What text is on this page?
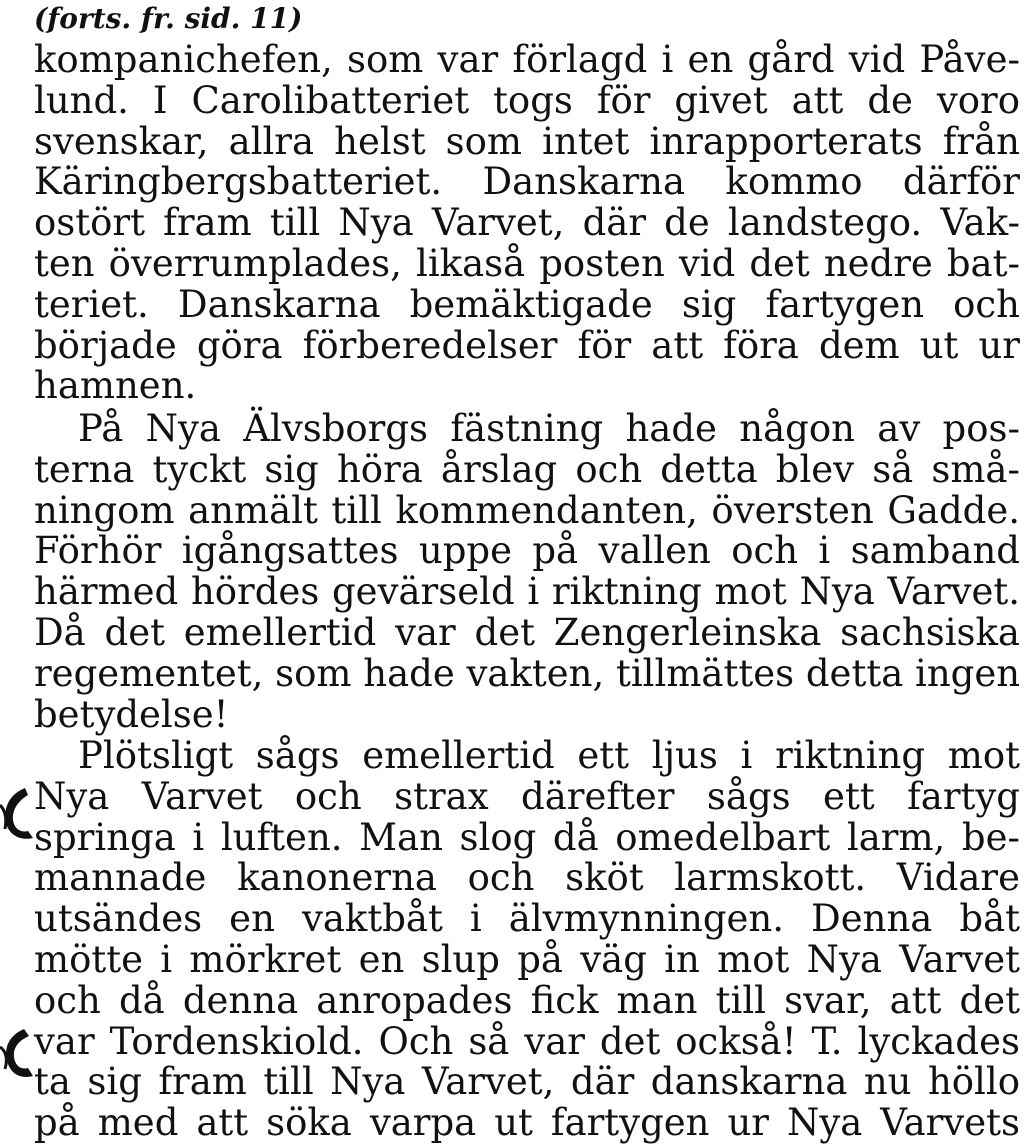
(forts. fr. sid. 11)
kompanichefen, som var förlagd i en gård vid Påve-
lund. I Carolibatteriet togs för givet att de voro
svenskar, allra helst som intet inrapporterats från
Käringbergsbatteriet. Danskarna kommo därför
ostört fram till Nya Varvet, där de landstego. Vak-
ten överrumplades, likaså posten vid det nedre bat-
teriet. Danskarna bemäktigade sig fartygen och
började göra förberedelser för att föra dem ut ur
hamnen.
På Nya Älvsborgs fästning hade någon av pos-
terna tyckt sig höra årslag och detta blev så små-
ningom anmält till kommendanten, översten Gadde.
Förhör igångsattes uppe på vallen och i samband
härmed hördes gevärseld i riktning mot Nya Varvet.
Då det emellertid var det Zengerleinska sachsiska
regementet, som hade vakten, tillmättes detta ingen
betydelse!
Plötsligt sågs emellertid ett ljus i riktning mot
Nya Varvet och strax därefter sågs ett fartyg
springa i luften. Man slog då omedelbart larm, be-
mannade kanonerna och sköt larmskott. Vidare
utsändes en vaktbåt i älvmynningen. Denna båt
mötte i mörkret en slup på väg in mot Nya Varvet
och då denna anropades fick man till svar, att det
var Tordenskiold. Och så var det också! T. lyckades
ta sig fram till Nya Varvet, där danskarna nu höllo
på med att söka varpa ut fartygen ur Nya Varvets
